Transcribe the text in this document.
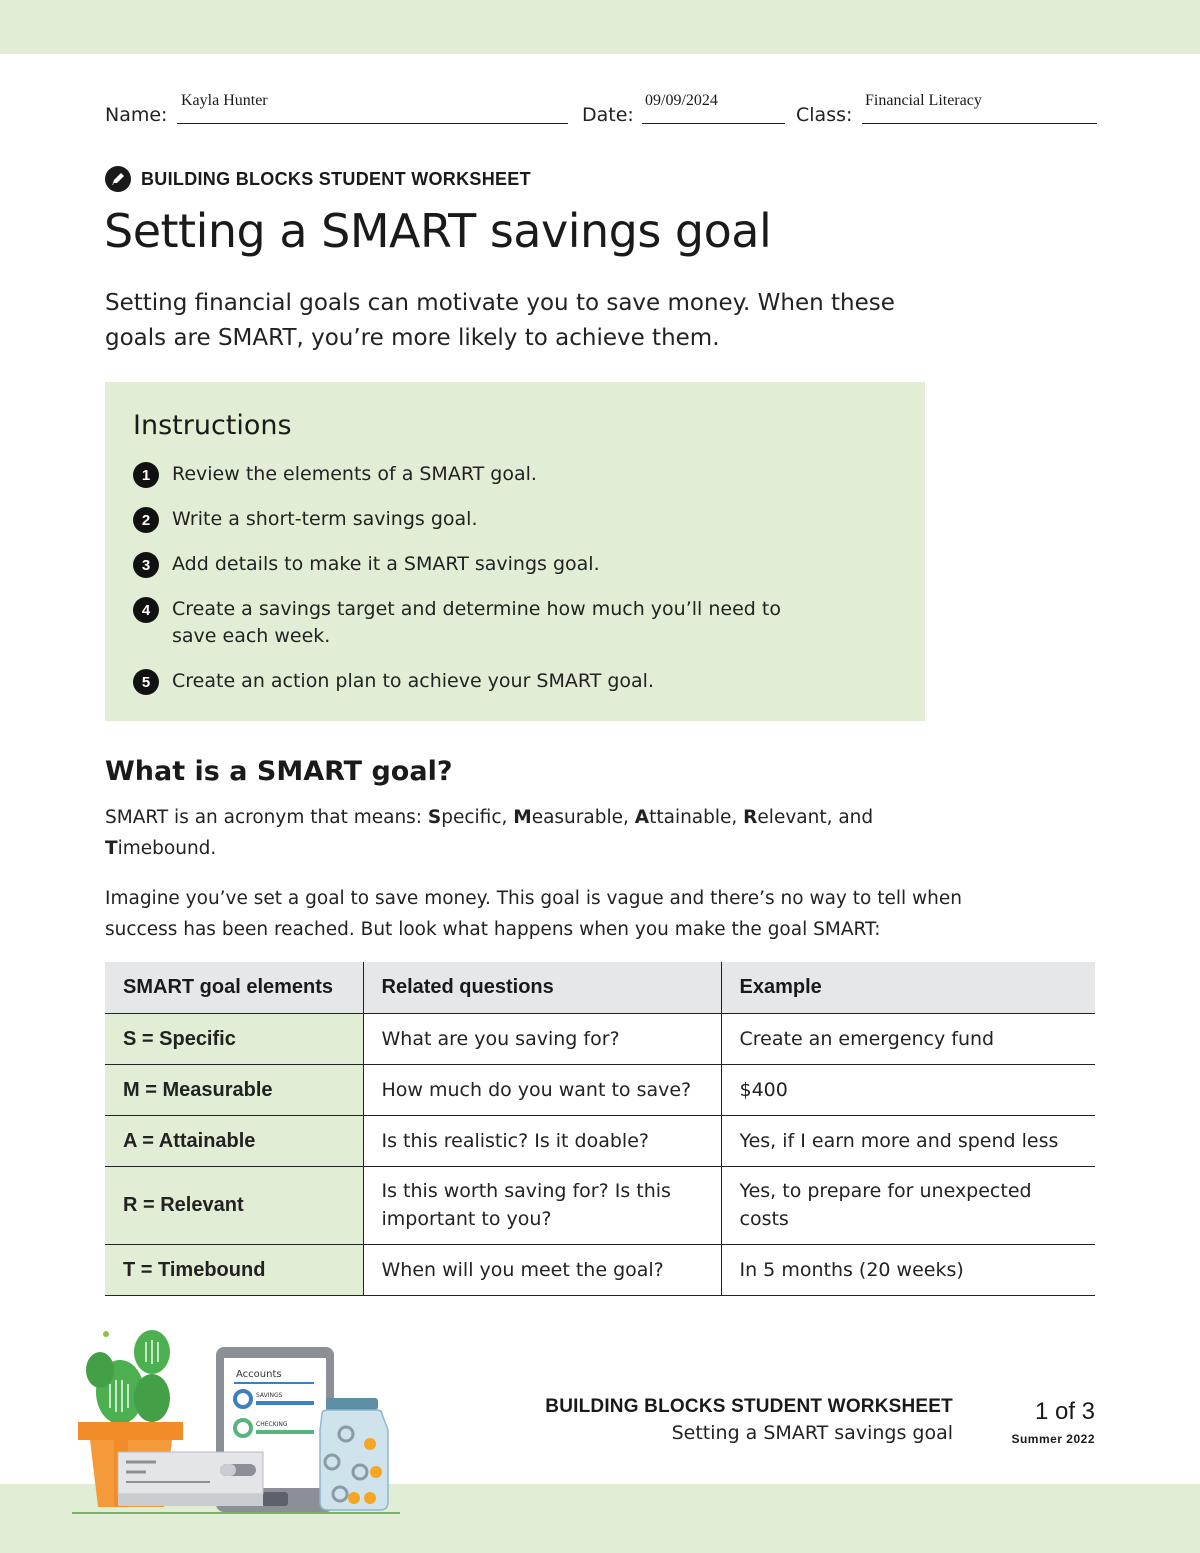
Name:
Kayla Hunter
Date:
09/09/2024
Class:
Financial Literacy
BUILDING BLOCKS STUDENT WORKSHEET
Setting a SMART savings goal

Setting financial goals can motivate you to save money. When these goals are SMART, you’re more likely to achieve them.

Instructions
1	Review the elements of a SMART goal.
2	Write a short-term savings goal.
3	Add details to make it a SMART savings goal.
4	Create a savings target and determine how much you’ll need to save each week.
5	Create an action plan to achieve your SMART goal.
What is a SMART goal?

SMART is an acronym that means: Specific, Measurable, Attainable, Relevant, and Timebound.

Imagine you’ve set a goal to save money. This goal is vague and there’s no way to tell when success has been reached. But look what happens when you make the goal SMART:

SMART goal elements	Related questions	Example
S = Specific	What are you saving for?	Create an emergency fund
M = Measurable	How much do you want to save?	$400
A = Attainable	Is this realistic? Is it doable?	Yes, if I earn more and spend less
R = Relevant	Is this worth saving for? Is this important to you?	Yes, to prepare for unexpected costs
T = Timebound	When will you meet the goal?	In 5 months (20 weeks)
Accounts
SAVINGS
CHECKING
BUILDING BLOCKS STUDENT WORKSHEET
Setting a SMART savings goal
1 of 3
Summer 2022
